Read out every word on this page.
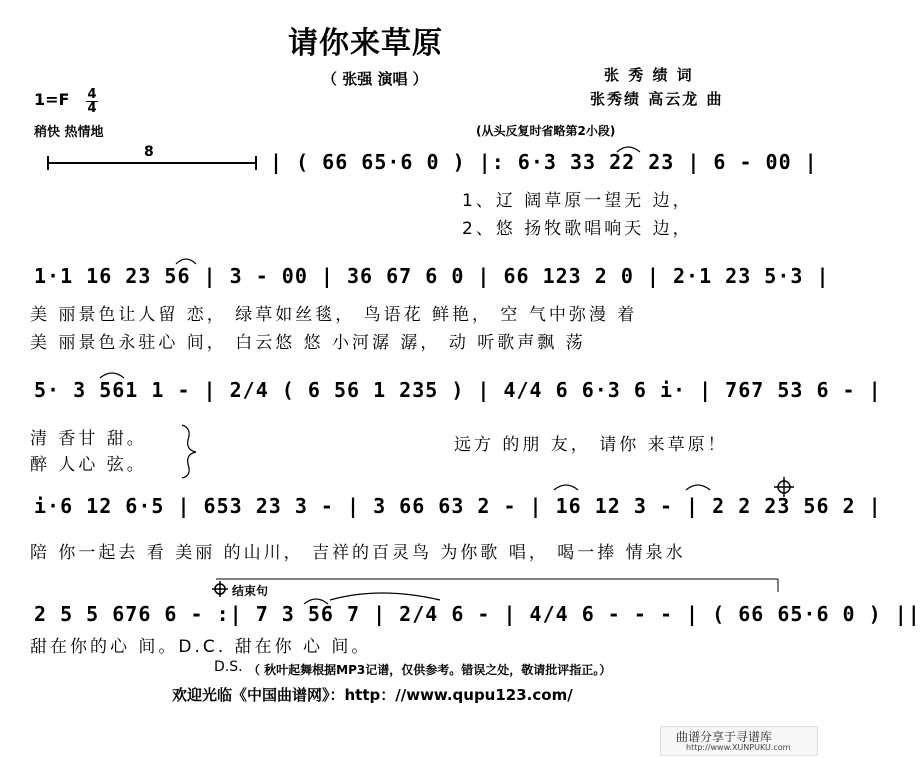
请你来草原
（ 张强 演唱 ）	张 秀 绩 词
张秀绩 高云龙 曲
1=F 4
4
稍快 热情地	(从头反复时省略第2小段)
8	| ( 66 65·6 0 ) |: 6·3 33 22 23 | 6 - 00 |
1、辽 阔草原一望无 边，
2、悠 扬牧歌唱响天 边，
1·1 16 23 56 | 3 - 00 | 36 67 6 0 | 66 123 2 0 | 2·1 23 5·3 |
美 丽景色让人留 恋， 绿草如丝毯， 鸟语花 鲜艳， 空 气中弥漫 着
美 丽景色永驻心 间， 白云悠 悠 小河潺 潺， 动 听歌声飘 荡
5· 3 561 1 - | 2/4 ( 6 56 1 235 ) | 4/4 6 6·3 6 i· | 767 53 6 - |
清 香甘 甜。
醉 人心 弦。
远方 的朋 友， 请你 来草原！
i·6 12 6·5 | 653 23 3 - | 3 66 63 2 - | 16 12 3 - | 2 2 23 56 2 |
陪 你一起去 看 美丽 的山川， 吉祥的百灵鸟 为你歌 唱， 喝一捧 情泉水
结束句
2 5 5 676 6 - :| 7 3 56 7 | 2/4 6 - | 4/4 6 - - - | ( 66 65·6 0 ) ||
甜在你的心 间。D.C. 甜在你 心 间。
D.S. （ 秋叶起舞根据MP3记谱，仅供参考。错误之处，敬请批评指正。）
欢迎光临《中国曲谱网》：http：//www.qupu123.com/
曲谱分享于寻谱库
http://www.XUNPUKU.com
